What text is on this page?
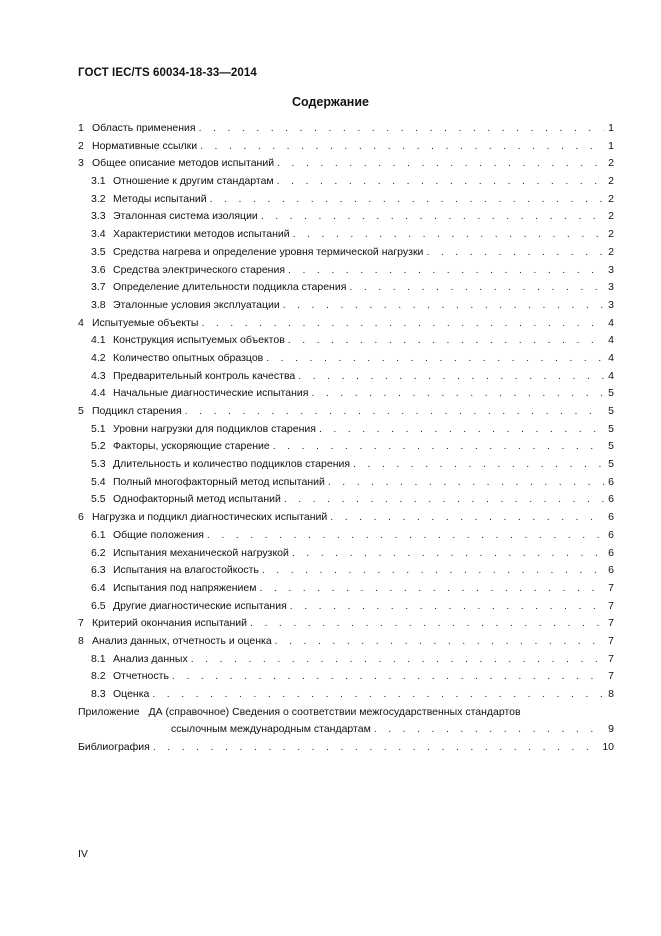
ГОСТ IEC/TS 60034-18-33—2014
Содержание
1 Область применения . . .	1
2 Нормативные ссылки . . .	1
3 Общее описание методов испытаний . . .	2
3.1 Отношение к другим стандартам . . .	2
3.2 Методы испытаний . . .	2
3.3 Эталонная система изоляции . . .	2
3.4 Характеристики методов испытаний . . .	2
3.5 Средства нагрева и определение уровня термической нагрузки . . .	2
3.6 Средства электрического старения . . .	3
3.7 Определение длительности подцикла старения . . .	3
3.8 Эталонные условия эксплуатации . . .	3
4 Испытуемые объекты . . .	4
4.1 Конструкция испытуемых объектов . . .	4
4.2 Количество опытных образцов . . .	4
4.3 Предварительный контроль качества . . .	4
4.4 Начальные диагностические испытания . . .	5
5 Подцикл старения . . .	5
5.1 Уровни нагрузки для подциклов старения . . .	5
5.2 Факторы, ускоряющие старение . . .	5
5.3 Длительность и количество подциклов старения . . .	5
5.4 Полный многофакторный метод испытаний . . .	6
5.5 Однофакторный метод испытаний . . .	6
6 Нагрузка и подцикл диагностических испытаний . . .	6
6.1 Общие положения . . .	6
6.2 Испытания механической нагрузкой . . .	6
6.3 Испытания на влагостойкость . . .	6
6.4 Испытания под напряжением . . .	7
6.5 Другие диагностические испытания . . .	7
7 Критерий окончания испытаний . . .	7
8 Анализ данных, отчетность и оценка . . .	7
8.1 Анализ данных . . .	7
8.2 Отчетность . . .	7
8.3 Оценка . . .	8
Приложение ДА (справочное) Сведения о соответствии межгосударственных стандартов
ссылочным международным стандартам . . .	9
Библиография . . .	10
IV
